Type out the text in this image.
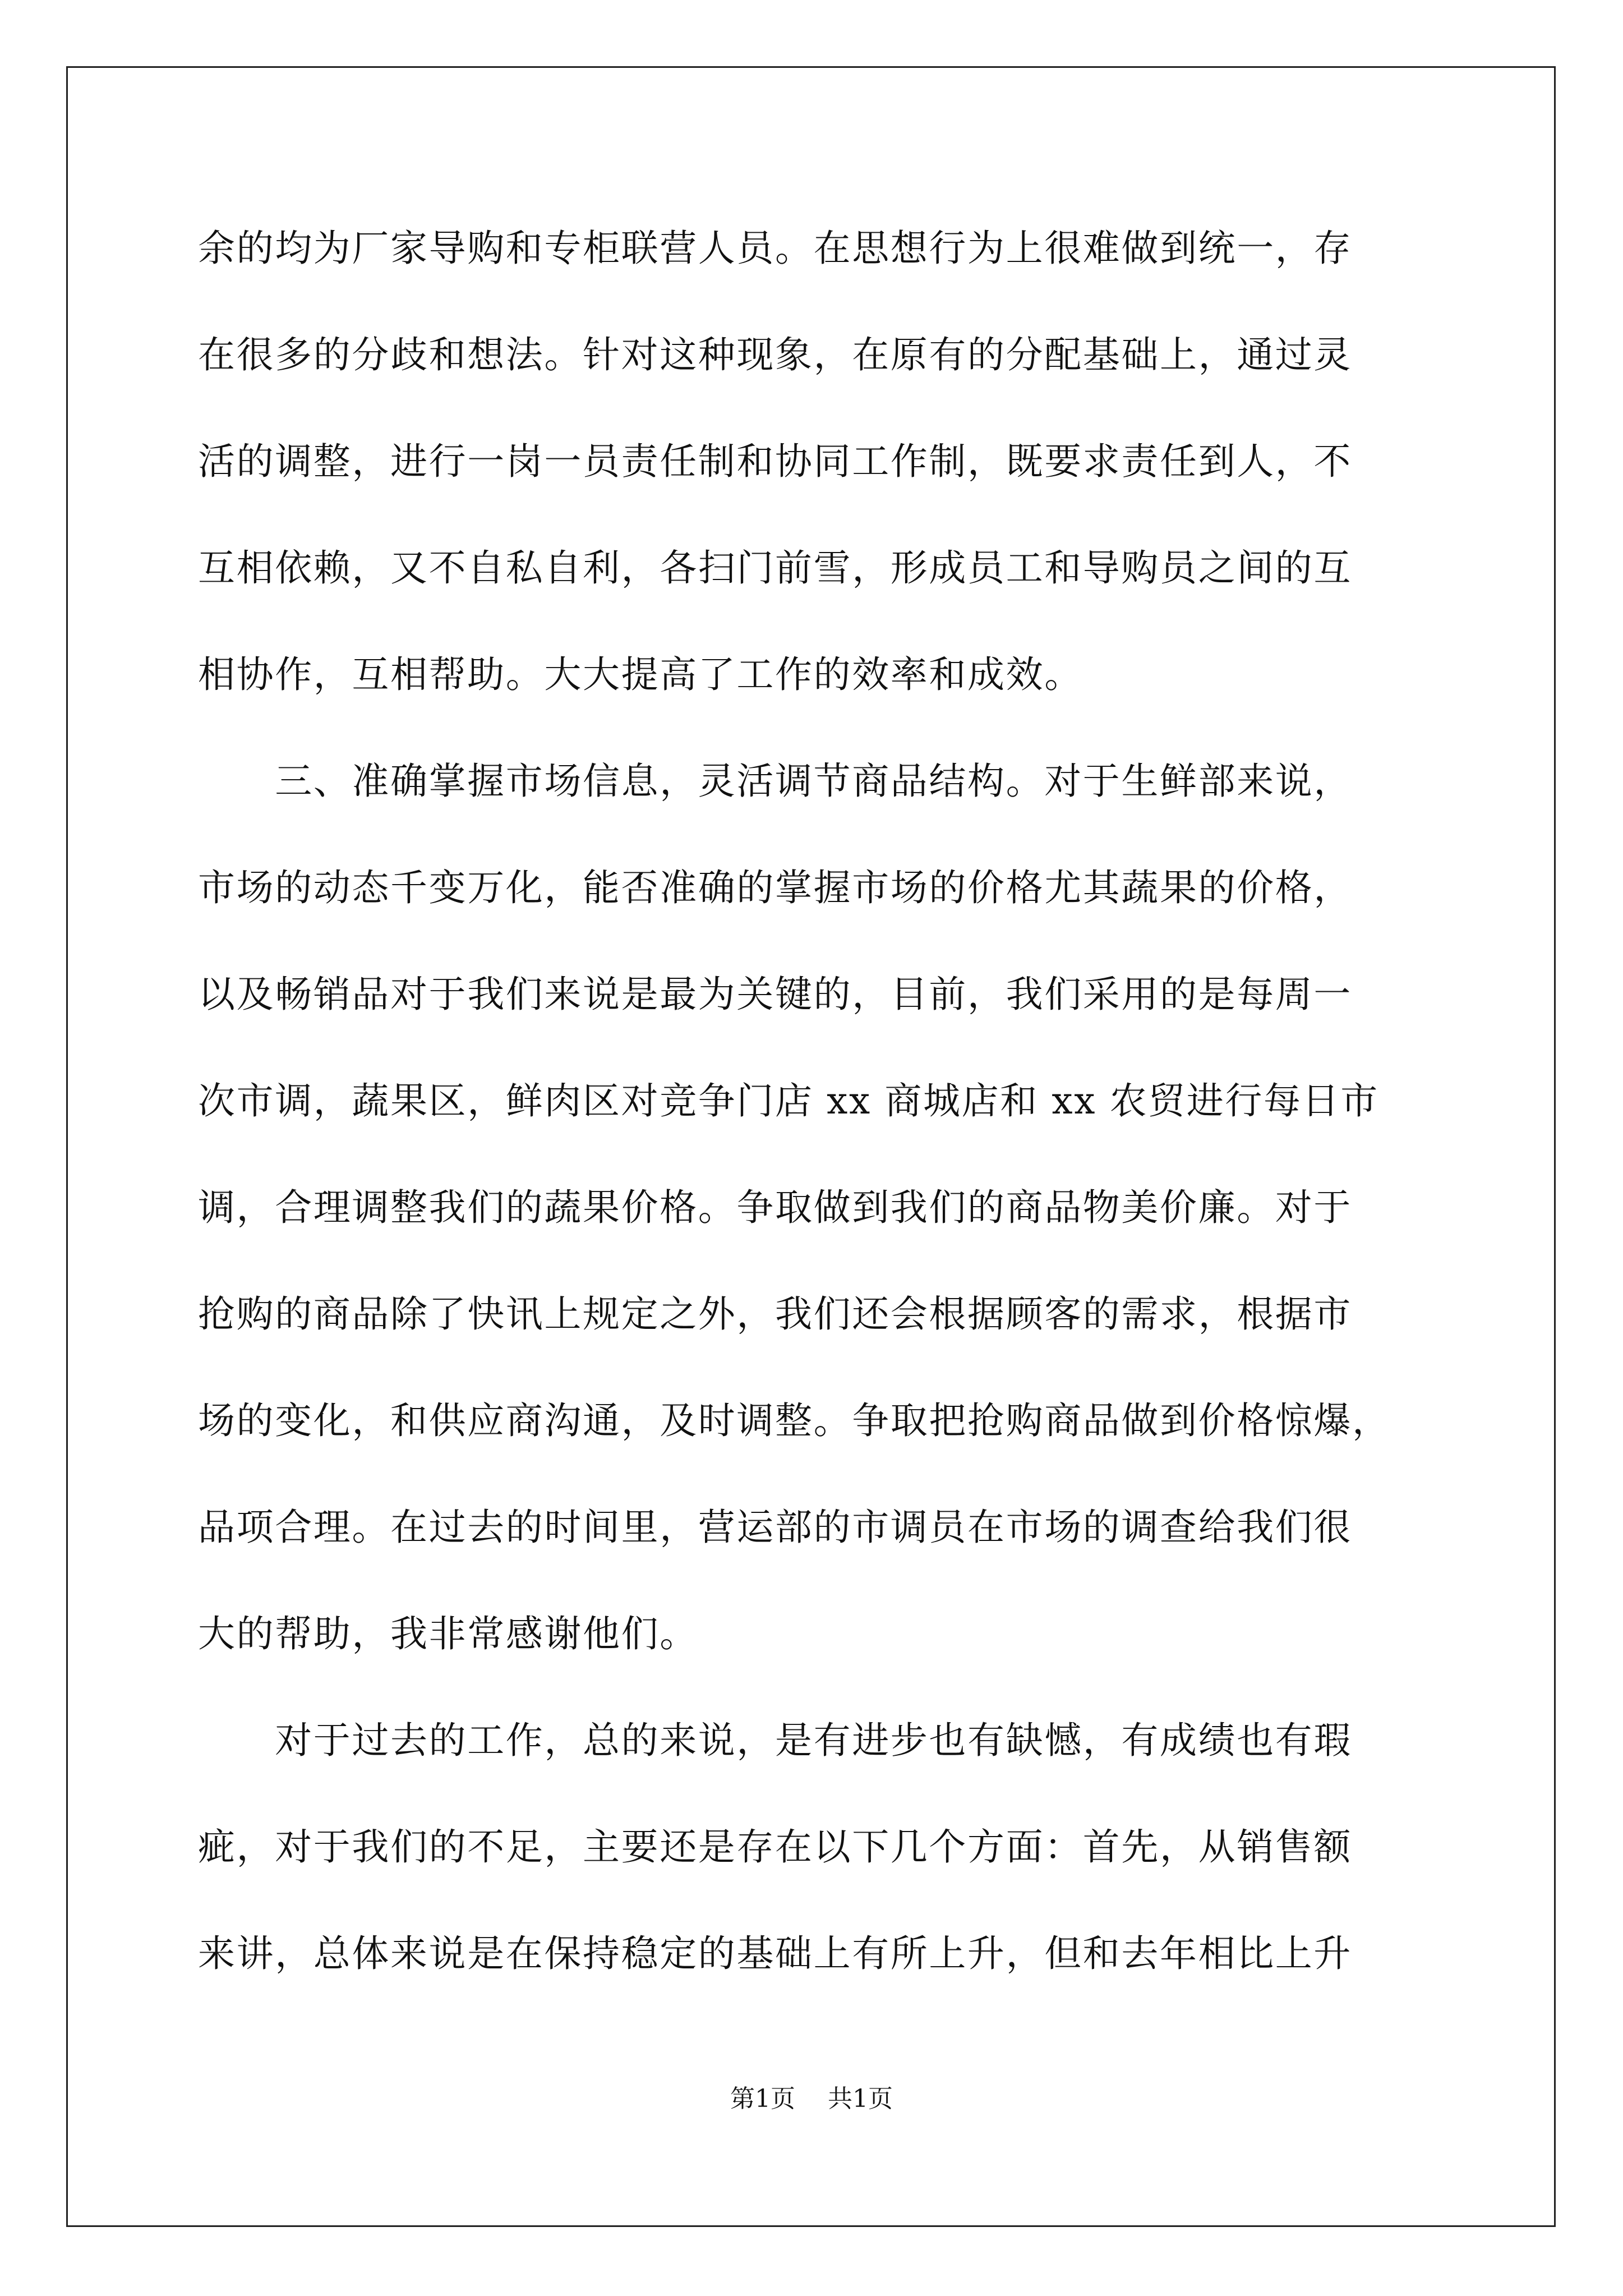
余的均为厂家导购和专柜联营人员。在思想行为上很难做到统一，存
在很多的分歧和想法。针对这种现象，在原有的分配基础上，通过灵
活的调整，进行一岗一员责任制和协同工作制，既要求责任到人，不
互相依赖，又不自私自利，各扫门前雪，形成员工和导购员之间的互
相协作，互相帮助。大大提高了工作的效率和成效。
　　三、准确掌握市场信息，灵活调节商品结构。对于生鲜部来说，
市场的动态千变万化，能否准确的掌握市场的价格尤其蔬果的价格，
以及畅销品对于我们来说是最为关键的，目前，我们采用的是每周一
次市调，蔬果区，鲜肉区对竞争门店 xx 商城店和 xx 农贸进行每日市
调，合理调整我们的蔬果价格。争取做到我们的商品物美价廉。对于
抢购的商品除了快讯上规定之外，我们还会根据顾客的需求，根据市
场的变化，和供应商沟通，及时调整。争取把抢购商品做到价格惊爆，
品项合理。在过去的时间里，营运部的市调员在市场的调查给我们很
大的帮助，我非常感谢他们。
　　对于过去的工作，总的来说，是有进步也有缺憾，有成绩也有瑕
疵，对于我们的不足，主要还是存在以下几个方面：首先，从销售额
来讲，总体来说是在保持稳定的基础上有所上升，但和去年相比上升
第1页 共1页
